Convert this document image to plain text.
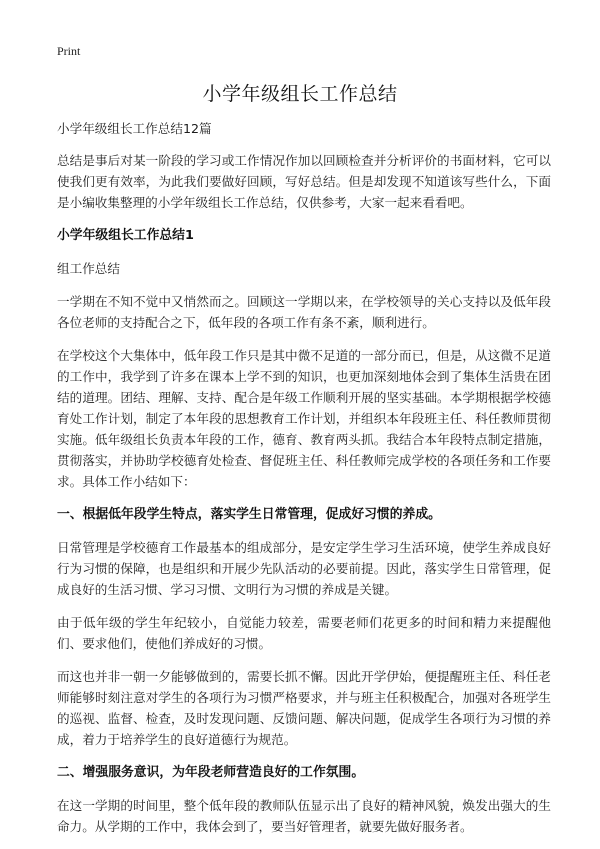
Print
小学年级组长工作总结
小学年级组长工作总结12篇
总结是事后对某一阶段的学习或工作情况作加以回顾检查并分析评价的书面材料，它可以使我们更有效率，为此我们要做好回顾，写好总结。但是却发现不知道该写些什么，下面是小编收集整理的小学年级组长工作总结，仅供参考，大家一起来看看吧。
小学年级组长工作总结1
组工作总结
一学期在不知不觉中又悄然而之。回顾这一学期以来，在学校领导的关心支持以及低年段各位老师的支持配合之下，低年段的各项工作有条不紊，顺利进行。
在学校这个大集体中，低年段工作只是其中微不足道的一部分而已，但是，从这微不足道的工作中，我学到了许多在课本上学不到的知识，也更加深刻地体会到了集体生活贵在团结的道理。团结、理解、支持、配合是年级工作顺利开展的坚实基础。本学期根据学校德育处工作计划，制定了本年段的思想教育工作计划，并组织本年段班主任、科任教师贯彻实施。低年级组长负责本年段的工作，德育、教育两头抓。我结合本年段特点制定措施，贯彻落实，并协助学校德育处检查、督促班主任、科任教师完成学校的各项任务和工作要求。具体工作小结如下：
一、根据低年段学生特点，落实学生日常管理，促成好习惯的养成。
日常管理是学校德育工作最基本的组成部分，是安定学生学习生活环境，使学生养成良好行为习惯的保障，也是组织和开展少先队活动的必要前提。因此，落实学生日常管理，促成良好的生活习惯、学习习惯、文明行为习惯的养成是关键。
由于低年级的学生年纪较小，自觉能力较差，需要老师们花更多的时间和精力来提醒他们、要求他们，使他们养成好的习惯。
而这也并非一朝一夕能够做到的，需要长抓不懈。因此开学伊始，便提醒班主任、科任老师能够时刻注意对学生的各项行为习惯严格要求，并与班主任积极配合，加强对各班学生的巡视、监督、检查，及时发现问题、反馈问题、解决问题，促成学生各项行为习惯的养成，着力于培养学生的良好道德行为规范。
二、增强服务意识，为年段老师营造良好的工作氛围。
在这一学期的时间里，整个低年段的教师队伍显示出了良好的精神风貌，焕发出强大的生命力。从学期的工作中，我体会到了，要当好管理者，就要先做好服务者。
